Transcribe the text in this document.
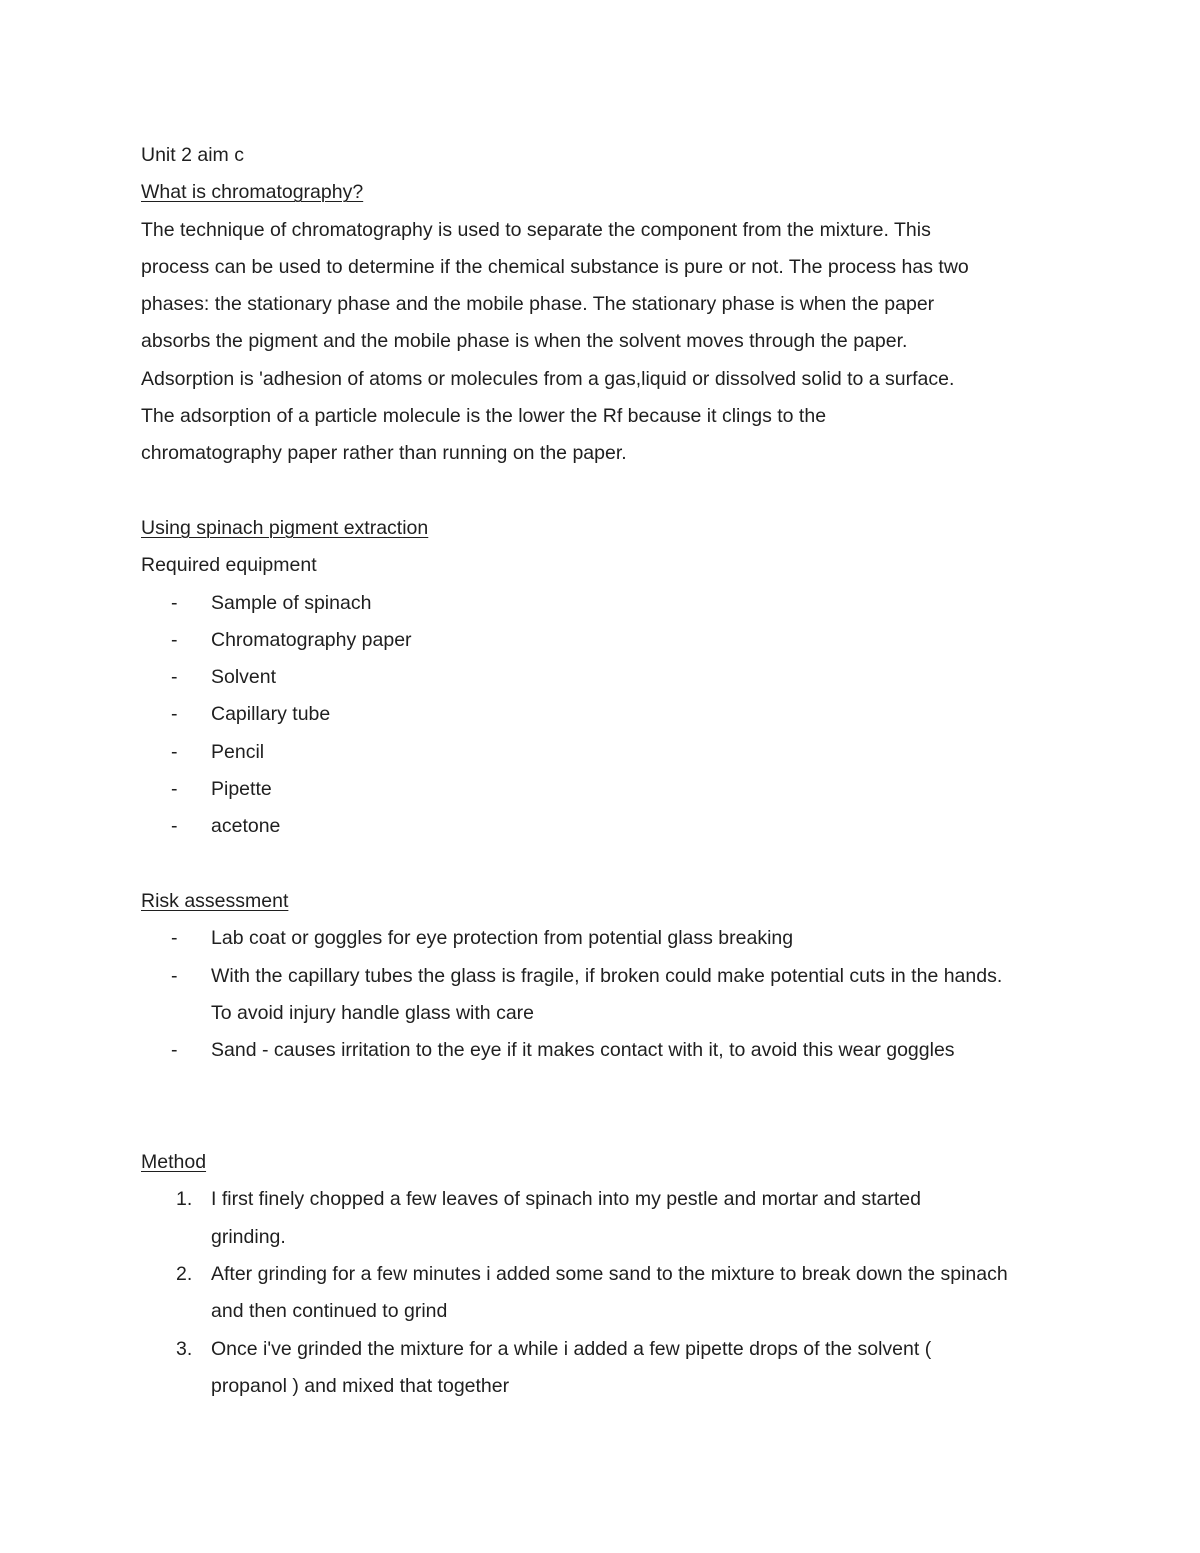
Unit 2 aim c
What is chromatography?
The technique of chromatography is used to separate the component from the mixture. This
process can be used to determine if the chemical substance is pure or not. The process has two
phases: the stationary phase and the mobile phase. The stationary phase is when the paper
absorbs the pigment and the mobile phase is when the solvent moves through the paper.
Adsorption is 'adhesion of atoms or molecules from a gas,liquid or dissolved solid to a surface.
The adsorption of a particle molecule is the lower the Rf because it clings to the
chromatography paper rather than running on the paper.
Using spinach pigment extraction
Required equipment
- Sample of spinach
- Chromatography paper
- Solvent
- Capillary tube
- Pencil
- Pipette
- acetone
Risk assessment
- Lab coat or goggles for eye protection from potential glass breaking
- With the capillary tubes the glass is fragile, if broken could make potential cuts in the hands. To avoid injury handle glass with care
- Sand - causes irritation to the eye if it makes contact with it, to avoid this wear goggles
Method
1. I first finely chopped a few leaves of spinach into my pestle and mortar and started grinding.
2. After grinding for a few minutes i added some sand to the mixture to break down the spinach and then continued to grind
3. Once i've grinded the mixture for a while i added a few pipette drops of the solvent ( propanol ) and mixed that together
